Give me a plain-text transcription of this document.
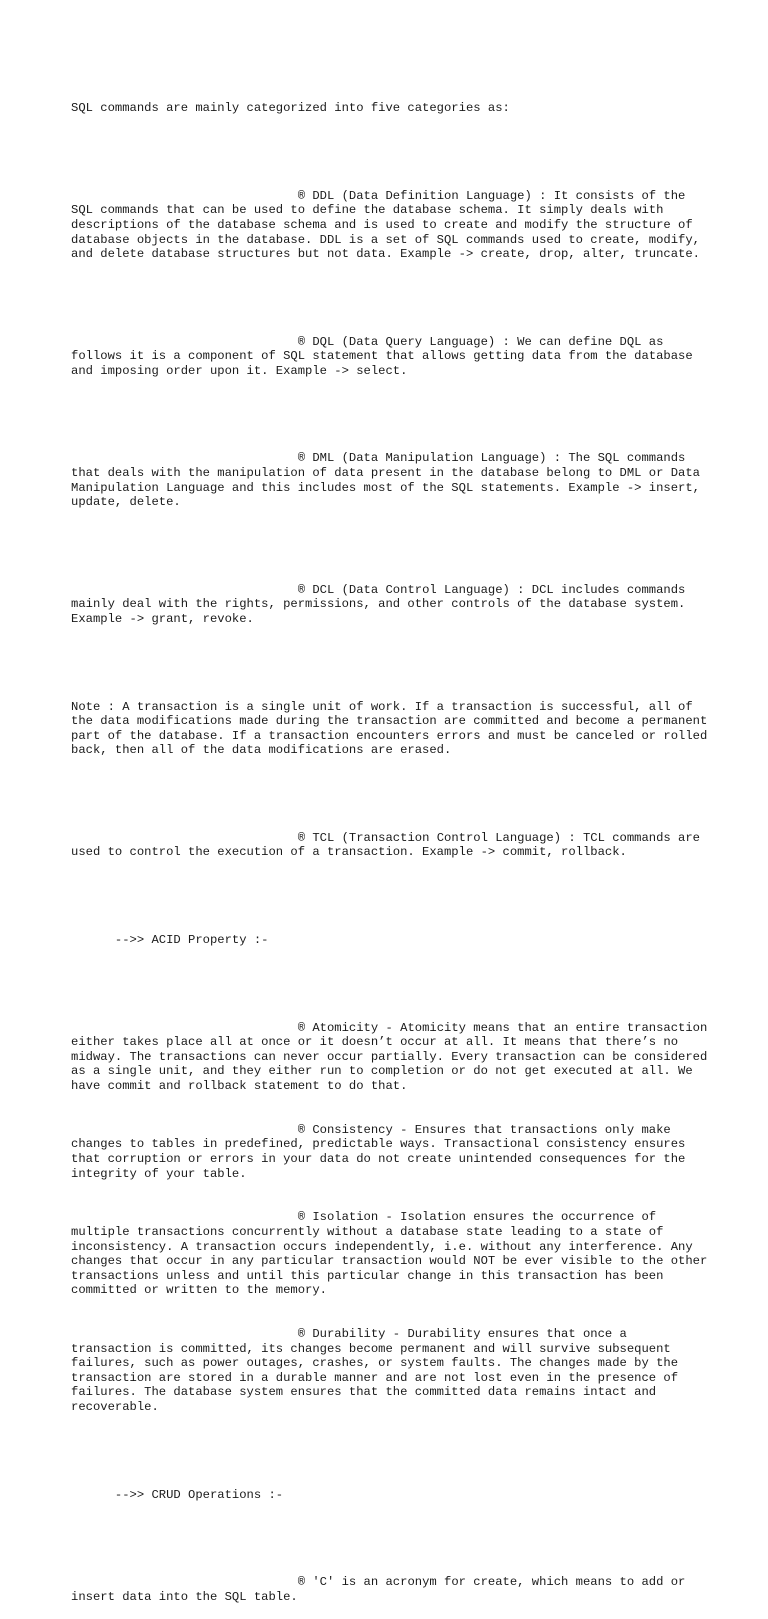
SQL commands are mainly categorized into five categories as:

® DDL (Data Definition Language) : It consists of the SQL commands that can be used to define the database schema. It simply deals with descriptions of the database schema and is used to create and modify the structure of database objects in the database. DDL is a set of SQL commands used to create, modify, and delete database structures but not data. Example -> create, drop, alter, truncate.

® DQL (Data Query Language) : We can define DQL as follows it is a component of SQL statement that allows getting data from the database and imposing order upon it. Example -> select.

® DML (Data Manipulation Language) : The SQL commands that deals with the manipulation of data present in the database belong to DML or Data Manipulation Language and this includes most of the SQL statements. Example -> insert, update, delete.

® DCL (Data Control Language) : DCL includes commands mainly deal with the rights, permissions, and other controls of the database system. Example -> grant, revoke.

Note : A transaction is a single unit of work. If a transaction is successful, all of the data modifications made during the transaction are committed and become a permanent part of the database. If a transaction encounters errors and must be canceled or rolled back, then all of the data modifications are erased.

® TCL (Transaction Control Language) : TCL commands are used to control the execution of a transaction. Example -> commit, rollback.

-->> ACID Property :-

® Atomicity - Atomicity means that an entire transaction either takes place all at once or it doesn’t occur at all. It means that there’s no midway. The transactions can never occur partially. Every transaction can be considered as a single unit, and they either run to completion or do not get executed at all. We have commit and rollback statement to do that.

® Consistency - Ensures that transactions only make changes to tables in predefined, predictable ways. Transactional consistency ensures that corruption or errors in your data do not create unintended consequences for the integrity of your table.

® Isolation - Isolation ensures the occurrence of multiple transactions concurrently without a database state leading to a state of inconsistency. A transaction occurs independently, i.e. without any interference. Any changes that occur in any particular transaction would NOT be ever visible to the other transactions unless and until this particular change in this transaction has been committed or written to the memory.

® Durability - Durability ensures that once a transaction is committed, its changes become permanent and will survive subsequent failures, such as power outages, crashes, or system faults. The changes made by the transaction are stored in a durable manner and are not lost even in the presence of failures. The database system ensures that the committed data remains intact and recoverable.

-->> CRUD Operations :-

® 'C' is an acronym for create, which means to add or insert data into the SQL table.
